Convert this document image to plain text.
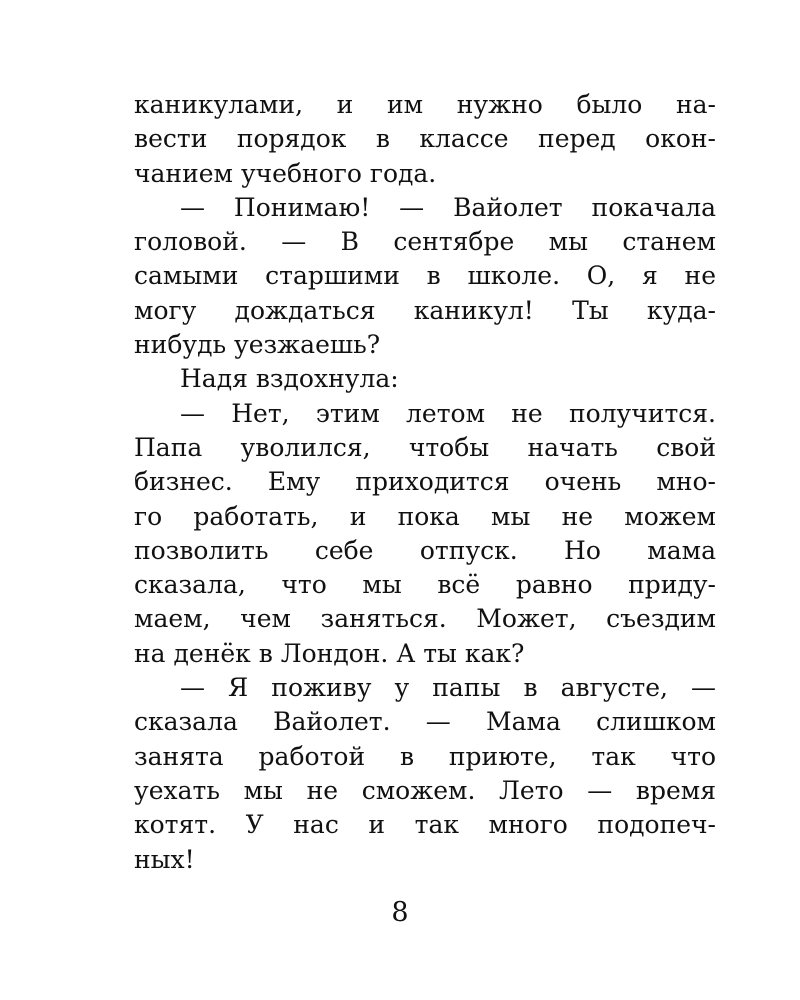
каникулами, и им нужно было на-
вести порядок в классе перед окон-
чанием учебного года.
— Понимаю! — Вайолет покачала
головой. — В сентябре мы станем
самыми старшими в школе. О, я не
могу дождаться каникул! Ты куда-
нибудь уезжаешь?
Надя вздохнула:
— Нет, этим летом не получится.
Папа уволился, чтобы начать свой
бизнес. Ему приходится очень мно-
го работать, и пока мы не можем
позволить себе отпуск. Но мама
сказала, что мы всё равно приду-
маем, чем заняться. Может, съездим
на денёк в Лондон. А ты как?
— Я поживу у папы в августе, —
сказала Вайолет. — Мама слишком
занята работой в приюте, так что
уехать мы не сможем. Лето — время
котят. У нас и так много подопеч-
ных!
8
